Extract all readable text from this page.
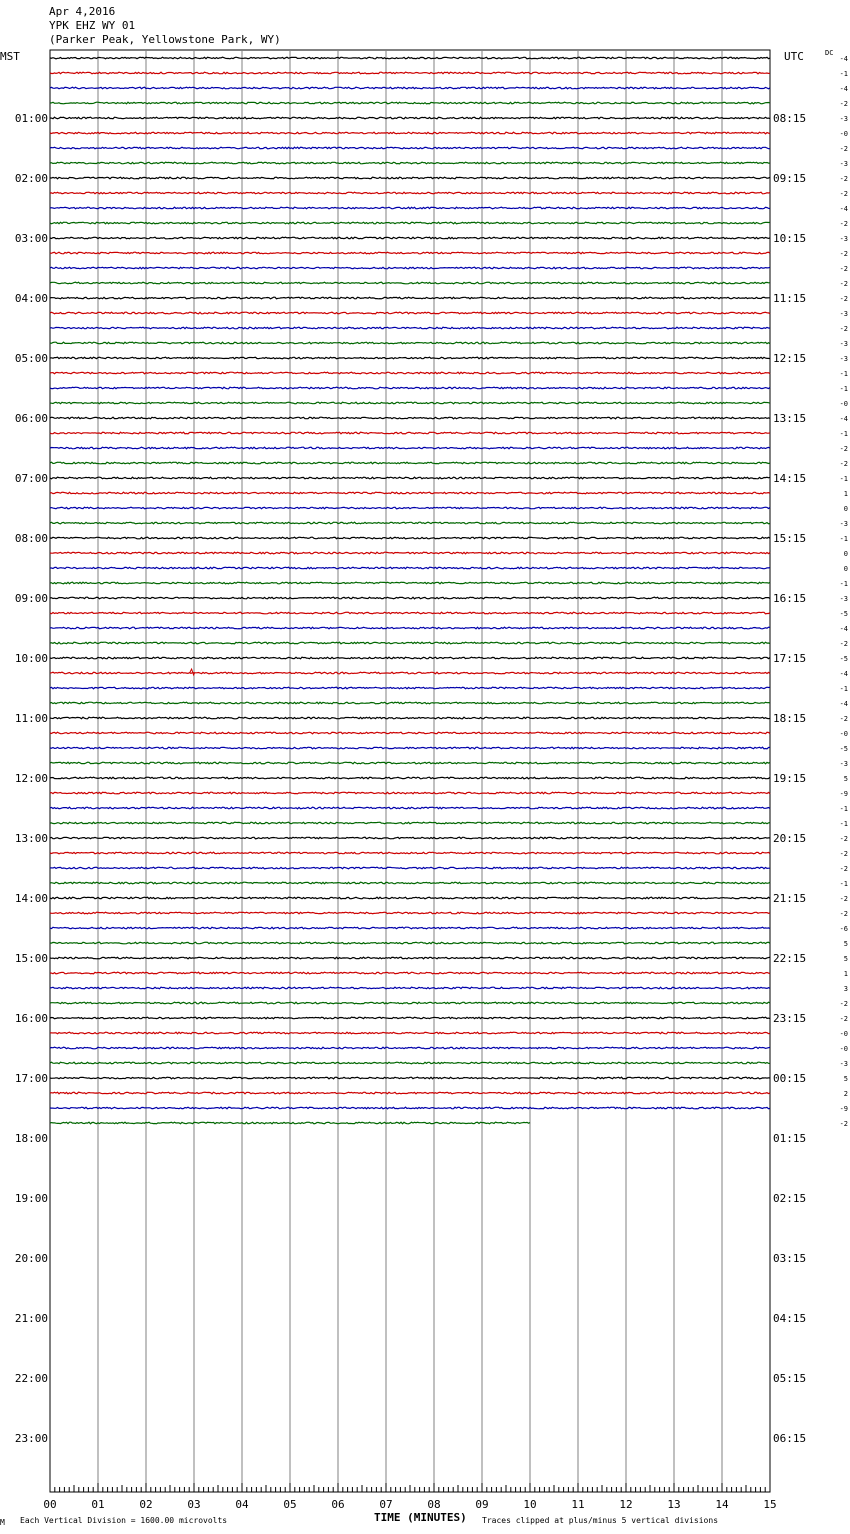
Apr 4,2016
YPK EHZ WY 01
(Parker Peak, Yellowstone Park, WY)
MST	UTC	DC
-4
-1
-4
-2
-3
-0
-2
-3
-2
-2
-4
-2
-3
-2
-2
-2
-2
-3
-2
-3
-3
-1
-1
-0
-4
-1
-2
-2
-1
1
0
-3
-1
0
0
-1
-3
-5
-4
-2
-5
-4
-1
-4
-2
-0
-5
-3
5
-9
-1
-1
-2
-2
-2
-1
-2
-2
-6
5
5
1
3
-2
-2
-0
-0
-3
5
2
-9
-2
01:00
02:00
03:00
04:00
05:00
06:00
07:00
08:00
09:00
10:00
11:00
12:00
13:00
14:00
15:00
16:00
17:00
18:00
19:00
20:00
21:00
22:00
23:00
08:15
09:15
10:15
11:15
12:15
13:15
14:15
15:15
16:15
17:15
18:15
19:15
20:15
21:15
22:15
23:15
00:15
01:15
02:15
03:15
04:15
05:15
06:15
00	01	02	03	04	05	06	07	08	09	10	11	12	13	14	15
M Each Vertical Division = 1600.00 microvolts	TIME (MINUTES) Traces clipped at plus/minus 5 vertical divisions
